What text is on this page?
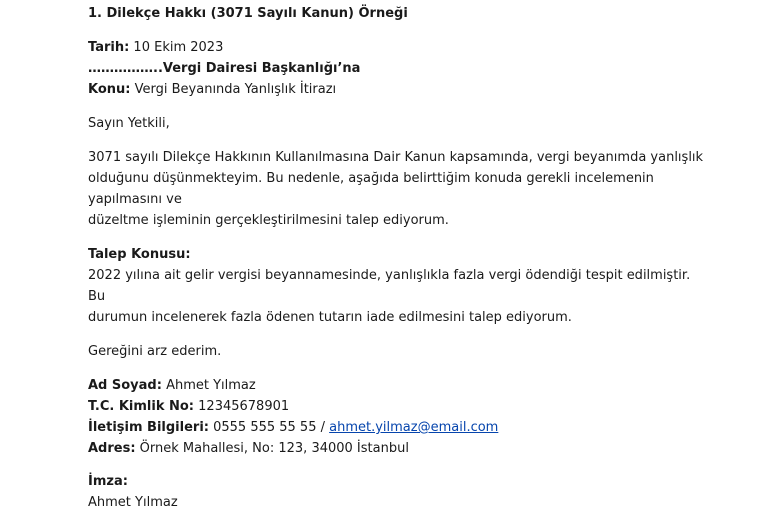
1. Dilekçe Hakkı (3071 Sayılı Kanun) Örneği

Tarih: 10 Ekim 2023

……………..Vergi Dairesi Başkanlığı’na

Konu: Vergi Beyanında Yanlışlık İtirazı

Sayın Yetkili,

3071 sayılı Dilekçe Hakkının Kullanılmasına Dair Kanun kapsamında, vergi beyanımda yanlışlık

olduğunu düşünmekteyim. Bu nedenle, aşağıda belirttiğim konuda gerekli incelemenin yapılmasını ve

düzeltme işleminin gerçekleştirilmesini talep ediyorum.

Talep Konusu:

2022 yılına ait gelir vergisi beyannamesinde, yanlışlıkla fazla vergi ödendiği tespit edilmiştir. Bu

durumun incelenerek fazla ödenen tutarın iade edilmesini talep ediyorum.

Gereğini arz ederim.

Ad Soyad: Ahmet Yılmaz

T.C. Kimlik No: 12345678901

İletişim Bilgileri: 0555 555 55 55 / ahmet.yilmaz@email.com

Adres: Örnek Mahallesi, No: 123, 34000 İstanbul

İmza:

Ahmet Yılmaz
